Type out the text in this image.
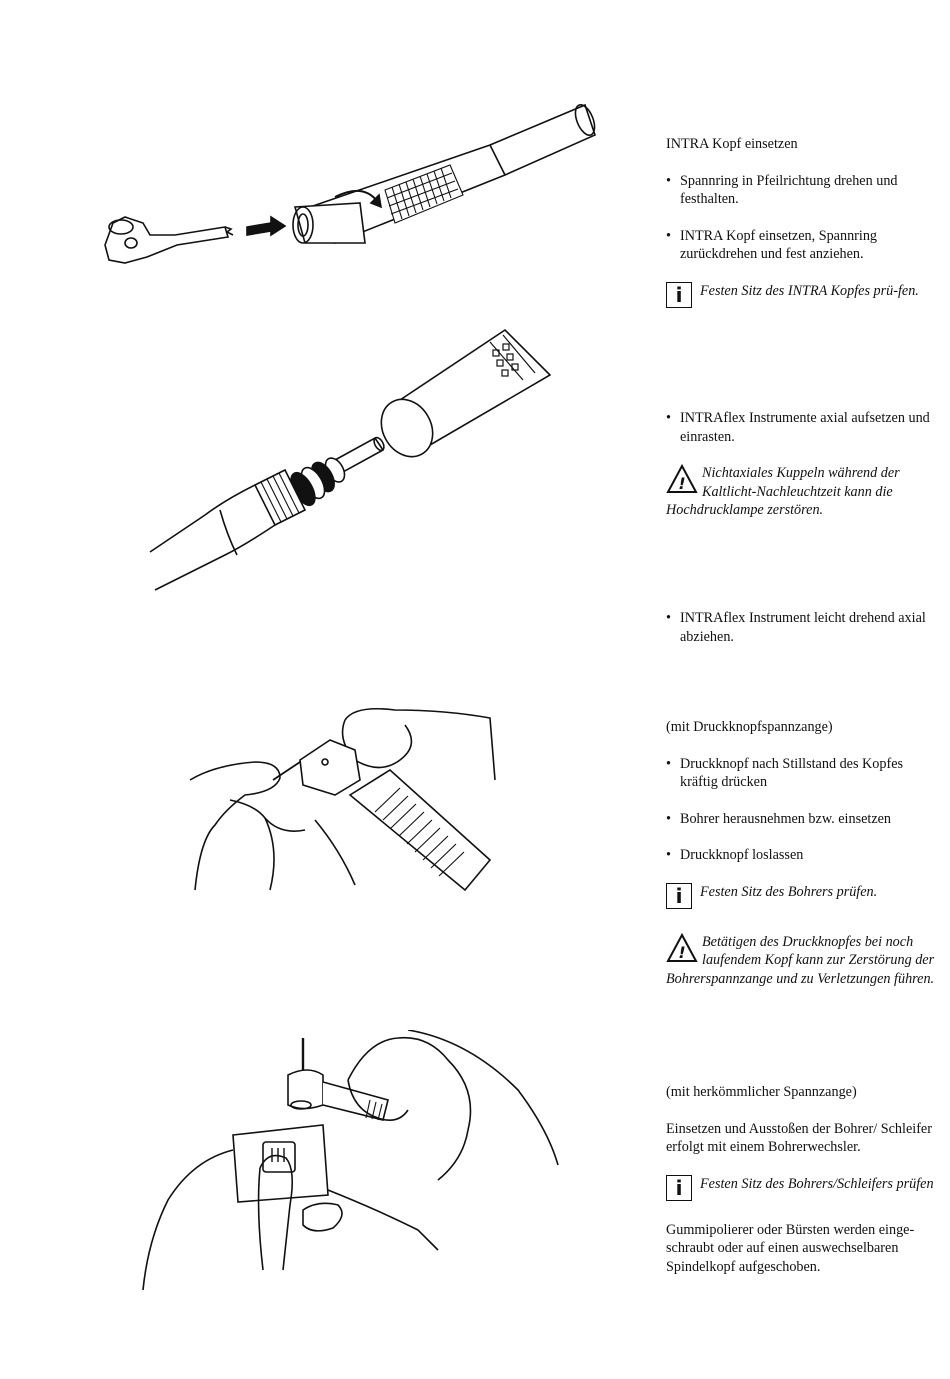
INTRA Kopf einsetzen

• Spannring in Pfeilrichtung drehen und festhalten.

• INTRA Kopf einsetzen, Spannring zurückdrehen und fest anziehen.

i	Festen Sitz des INTRA Kopfes prü-fen.

• INTRAflex Instrumente axial aufsetzen und einrasten.

!
Nichtaxiales Kuppeln während der Kaltlicht-Nachleuchtzeit kann die Hochdrucklampe zerstören.

• INTRAflex Instrument leicht drehend axial abziehen.

(mit Druckknopfspannzange)

• Druckknopf nach Stillstand des Kopfes kräftig drücken

• Bohrer herausnehmen bzw. einsetzen

• Druckknopf loslassen

i	Festen Sitz des Bohrers prüfen.
!
Betätigen des Druckknopfes bei noch laufendem Kopf kann zur Zerstörung der Bohrerspannzange und zu Verletzungen führen.

(mit herkömmlicher Spannzange)

Einsetzen und Ausstoßen der Bohrer/ Schleifer erfolgt mit einem Bohrerwechsler.

i	Festen Sitz des Bohrers/Schleifers prüfen

Gummipolierer oder Bürsten werden einge-schraubt oder auf einen auswechselbaren Spindelkopf aufgeschoben.
